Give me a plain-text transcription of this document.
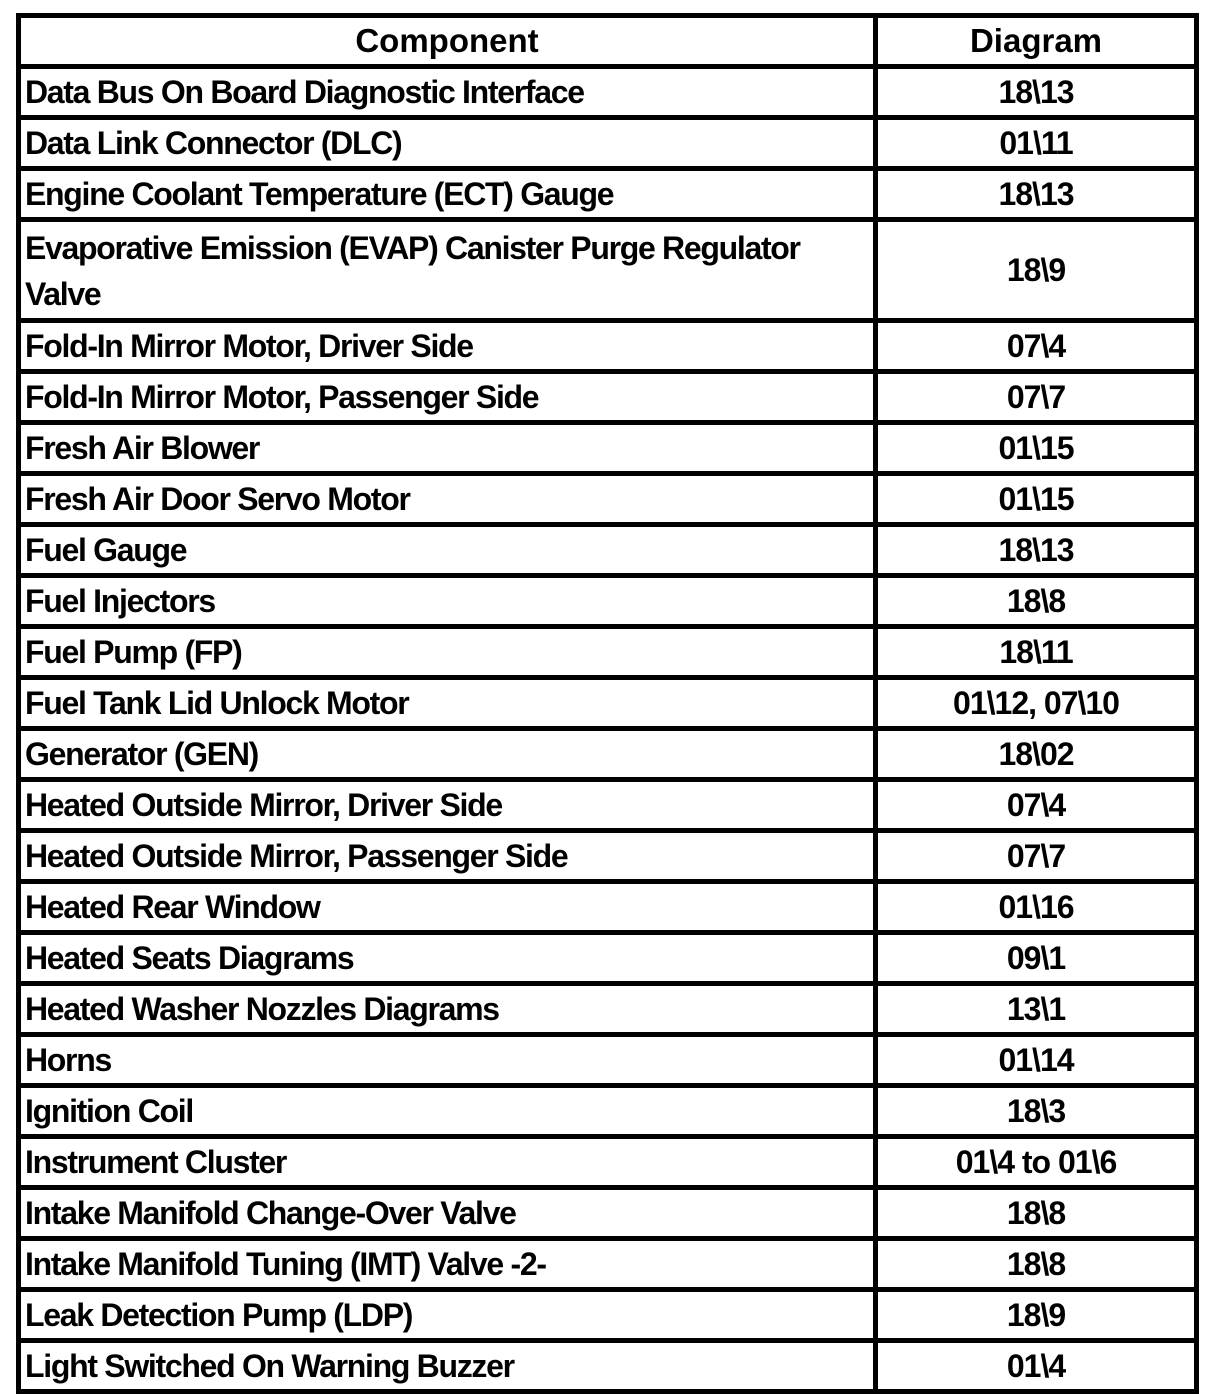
Component	Diagram
Data Bus On Board Diagnostic Interface	18\13
Data Link Connector (DLC)	01\11
Engine Coolant Temperature (ECT) Gauge	18\13
Evaporative Emission (EVAP) Canister Purge Regulator Valve	18\9
Fold-In Mirror Motor, Driver Side	07\4
Fold-In Mirror Motor, Passenger Side	07\7
Fresh Air Blower	01\15
Fresh Air Door Servo Motor	01\15
Fuel Gauge	18\13
Fuel Injectors	18\8
Fuel Pump (FP)	18\11
Fuel Tank Lid Unlock Motor	01\12, 07\10
Generator (GEN)	18\02
Heated Outside Mirror, Driver Side	07\4
Heated Outside Mirror, Passenger Side	07\7
Heated Rear Window	01\16
Heated Seats Diagrams	09\1
Heated Washer Nozzles Diagrams	13\1
Horns	01\14
Ignition Coil	18\3
Instrument Cluster	01\4 to 01\6
Intake Manifold Change-Over Valve	18\8
Intake Manifold Tuning (IMT) Valve -2-	18\8
Leak Detection Pump (LDP)	18\9
Light Switched On Warning Buzzer	01\4
